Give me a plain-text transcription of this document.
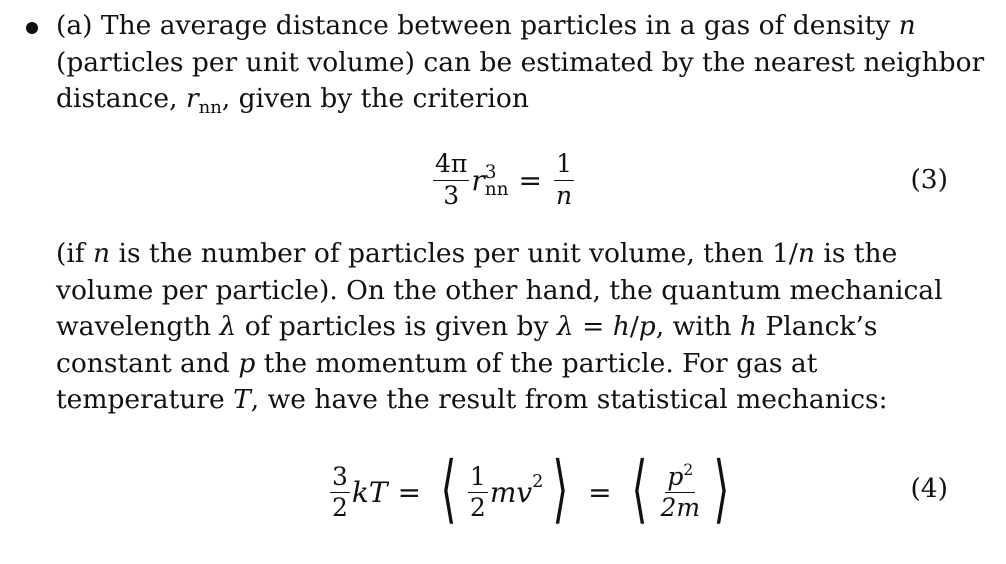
(a) The average distance between particles in a gas of density n
(particles per unit volume) can be estimated by the nearest neighbor
distance, $r_{nn}$, given by the criterion

$\frac{4\pi}{3}$ r 3
nn = $\frac{1}{n}$	(3)

(if n is the number of particles per unit volume, then 1/n is the
volume per particle). On the other hand, the quantum mechanical
wavelength λ of particles is given by λ = h/p, with h Planck’s
constant and p the momentum of the particle. For gas at
temperature T, we have the result from statistical mechanics:

$\frac{3}{2}$ kT = ⟨ $\frac{1}{2}$ mv 2 ⟩ = ⟨ $\frac{p^2}{2m}$ ⟩	(4)
